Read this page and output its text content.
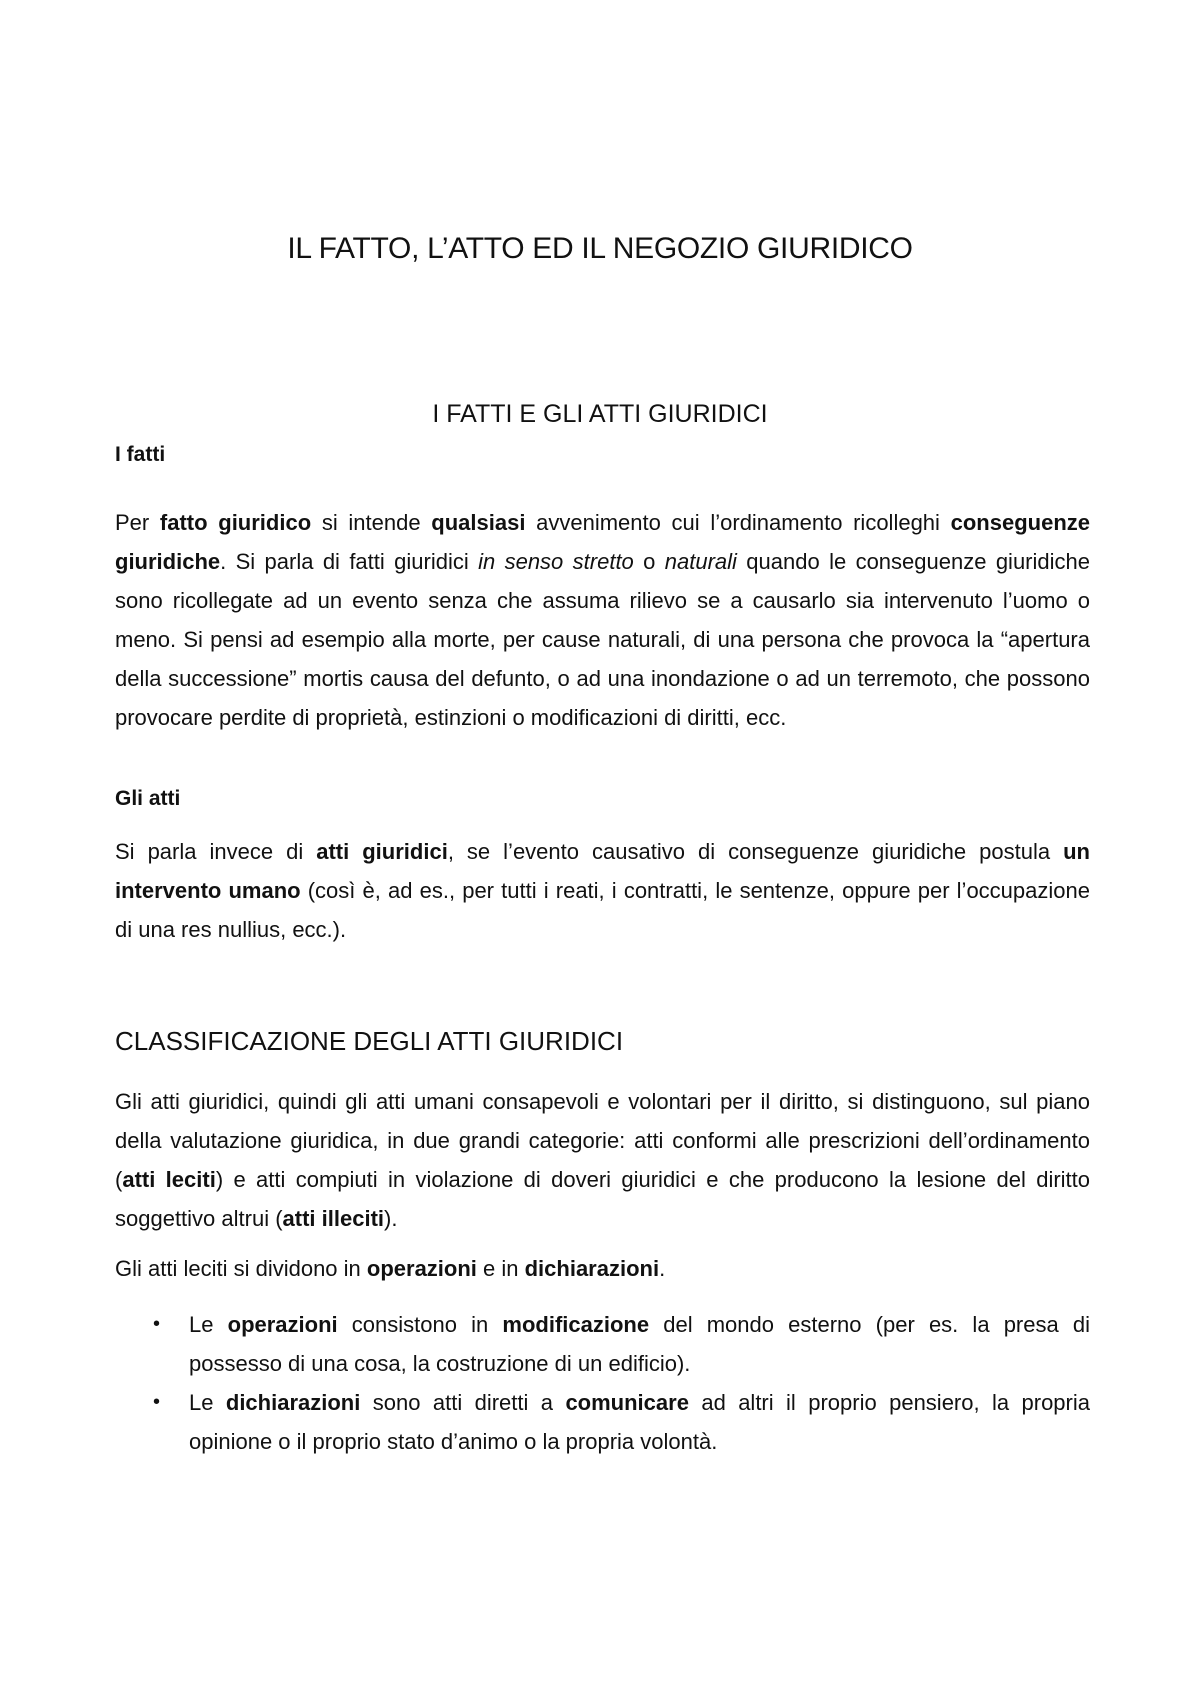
IL FATTO, L’ATTO ED IL NEGOZIO GIURIDICO
I FATTI E GLI ATTI GIURIDICI
I fatti

Per fatto giuridico si intende qualsiasi avvenimento cui l’ordinamento ricolleghi conseguenze giuridiche. Si parla di fatti giuridici in senso stretto o naturali quando le conseguenze giuridiche sono ricollegate ad un evento senza che assuma rilievo se a causarlo sia intervenuto l’uomo o meno. Si pensi ad esempio alla morte, per cause naturali, di una persona che provoca la “apertura della successione” mortis causa del defunto, o ad una inondazione o ad un terremoto, che possono provocare perdite di proprietà, estinzioni o modificazioni di diritti, ecc.

Gli atti

Si parla invece di atti giuridici, se l’evento causativo di conseguenze giuridiche postula un intervento umano (così è, ad es., per tutti i reati, i contratti, le sentenze, oppure per l’occupazione di una res nullius, ecc.).

CLASSIFICAZIONE DEGLI ATTI GIURIDICI

Gli atti giuridici, quindi gli atti umani consapevoli e volontari per il diritto, si distinguono, sul piano della valutazione giuridica, in due grandi categorie: atti conformi alle prescrizioni dell’ordinamento (atti leciti) e atti compiuti in violazione di doveri giuridici e che producono la lesione del diritto soggettivo altrui (atti illeciti).

Gli atti leciti si dividono in operazioni e in dichiarazioni.

• Le operazioni consistono in modificazione del mondo esterno (per es. la presa di possesso di una cosa, la costruzione di un edificio).
• Le dichiarazioni sono atti diretti a comunicare ad altri il proprio pensiero, la propria opinione o il proprio stato d’animo o la propria volontà.
